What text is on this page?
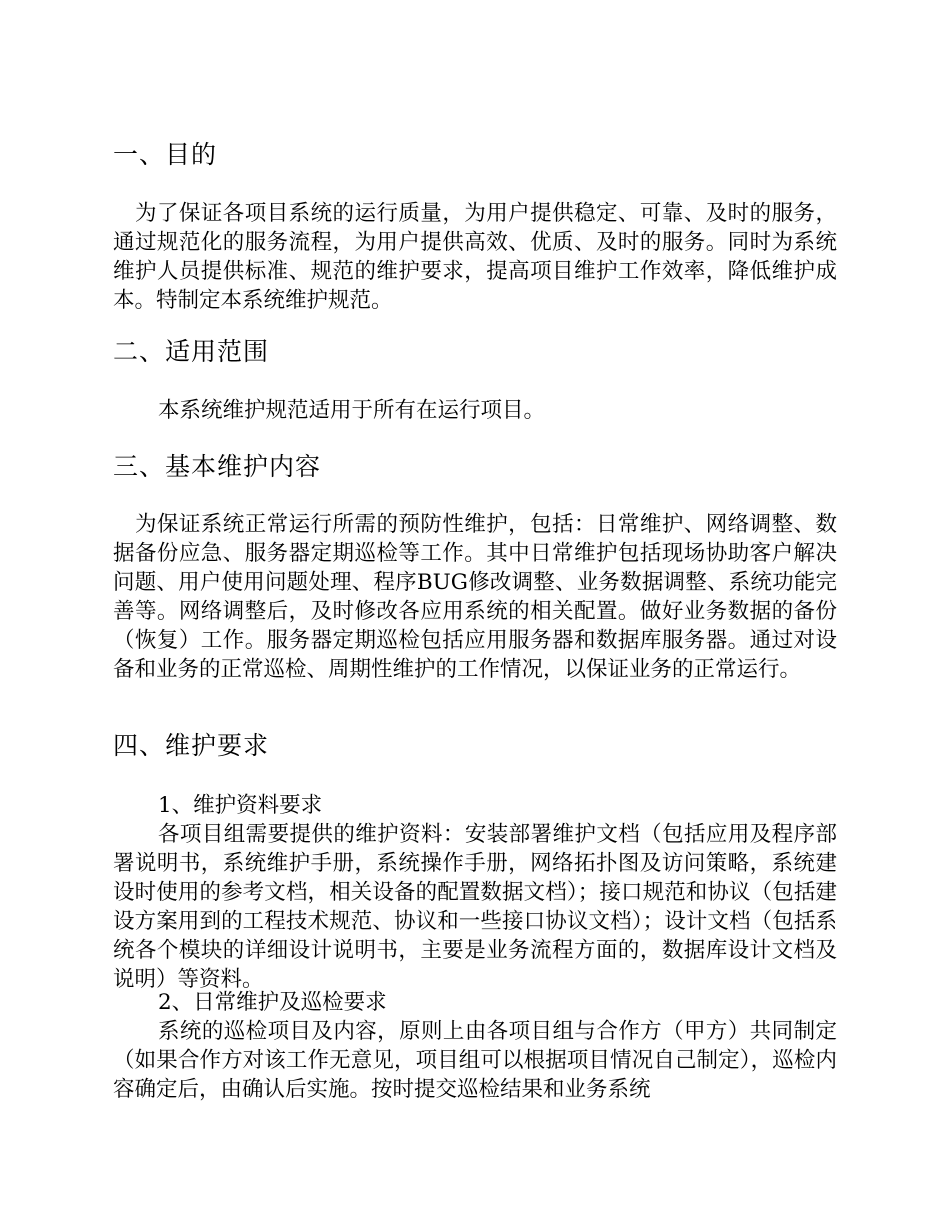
一、目的

为了保证各项目系统的运行质量，为用户提供稳定、可靠、及时的服务，通过规范化的服务流程，为用户提供高效、优质、及时的服务。同时为系统维护人员提供标准、规范的维护要求，提高项目维护工作效率，降低维护成本。特制定本系统维护规范。

二、适用范围

本系统维护规范适用于所有在运行项目。

三、基本维护内容

为保证系统正常运行所需的预防性维护，包括：日常维护、网络调整、数据备份应急、服务器定期巡检等工作。其中日常维护包括现场协助客户解决问题、用户使用问题处理、程序BUG修改调整、业务数据调整、系统功能完善等。网络调整后，及时修改各应用系统的相关配置。做好业务数据的备份（恢复）工作。服务器定期巡检包括应用服务器和数据库服务器。通过对设备和业务的正常巡检、周期性维护的工作情况，以保证业务的正常运行。

四、维护要求

1、维护资料要求

各项目组需要提供的维护资料：安装部署维护文档（包括应用及程序部署说明书，系统维护手册，系统操作手册，网络拓扑图及访问策略，系统建设时使用的参考文档，相关设备的配置数据文档）；接口规范和协议（包括建设方案用到的工程技术规范、协议和一些接口协议文档）；设计文档（包括系统各个模块的详细设计说明书，主要是业务流程方面的，数据库设计文档及说明）等资料。

2、日常维护及巡检要求

系统的巡检项目及内容，原则上由各项目组与合作方（甲方）共同制定（如果合作方对该工作无意见，项目组可以根据项目情况自己制定），巡检内容确定后，由确认后实施。按时提交巡检结果和业务系统
